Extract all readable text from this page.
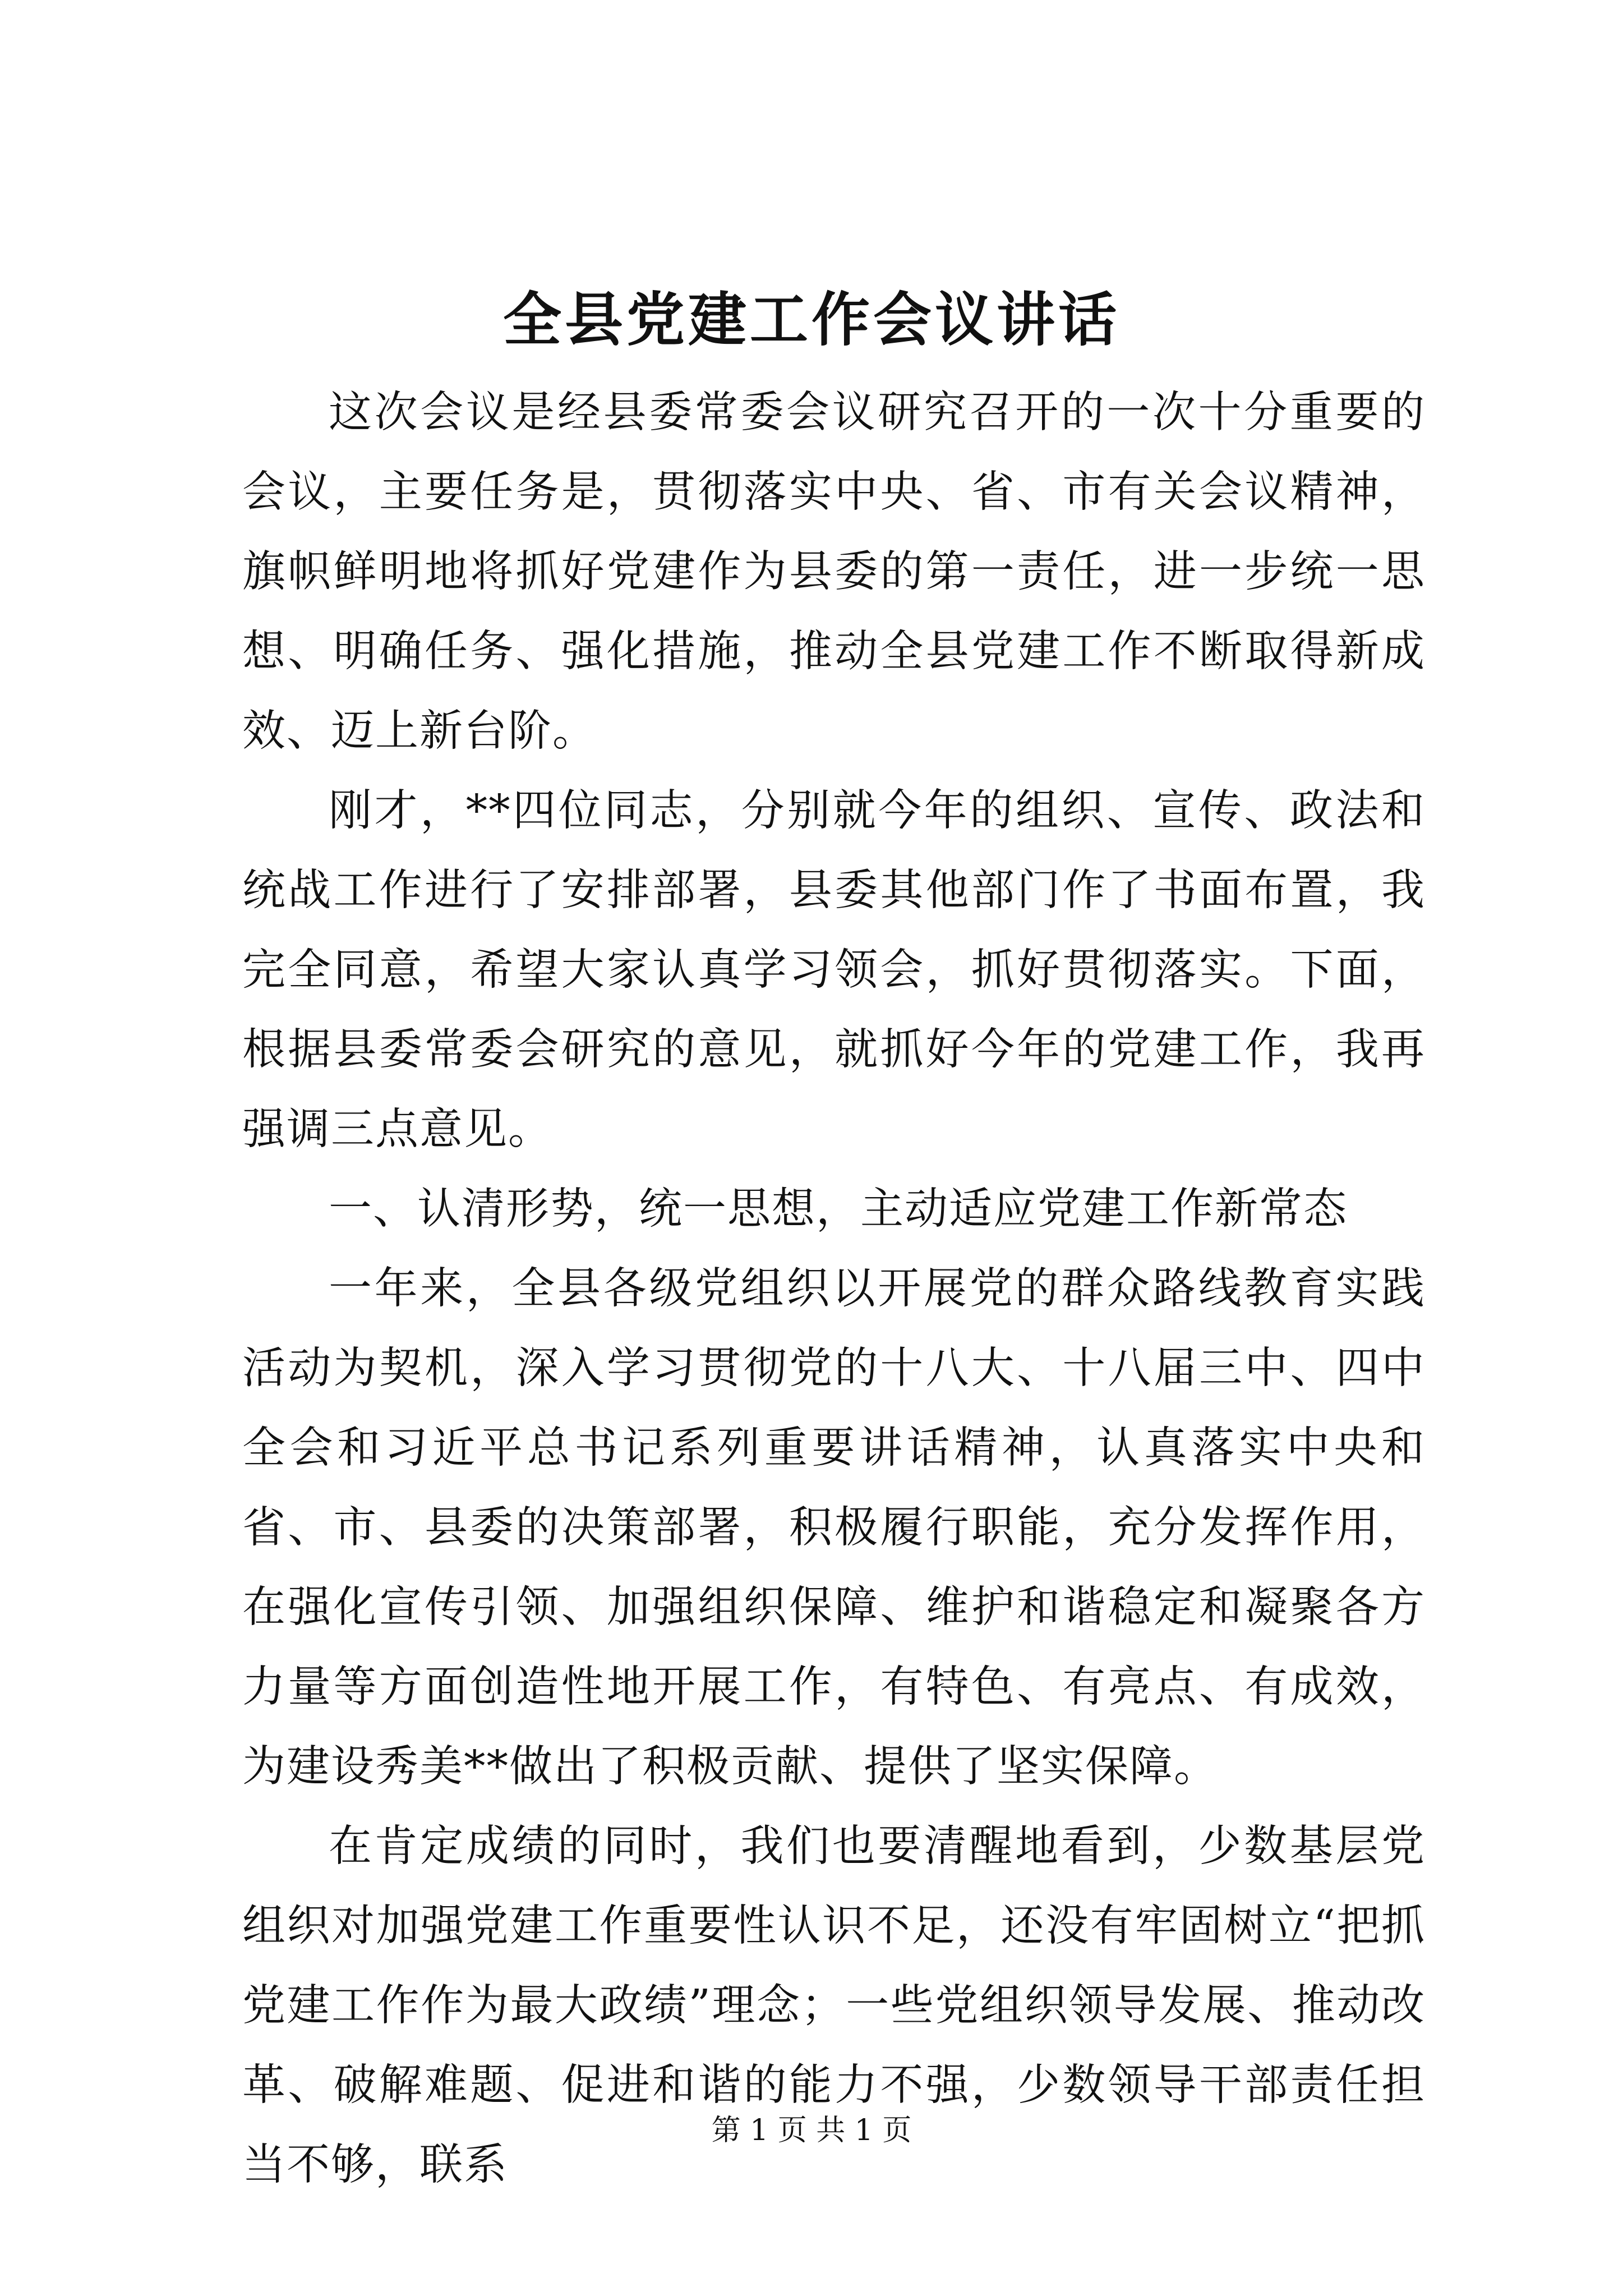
全县党建工作会议讲话

这次会议是经县委常委会议研究召开的一次十分重要的会议，主要任务是，贯彻落实中央、省、市有关会议精神，旗帜鲜明地将抓好党建作为县委的第一责任，进一步统一思想、明确任务、强化措施，推动全县党建工作不断取得新成效、迈上新台阶。

刚才，**四位同志，分别就今年的组织、宣传、政法和统战工作进行了安排部署，县委其他部门作了书面布置，我完全同意，希望大家认真学习领会，抓好贯彻落实。下面，根据县委常委会研究的意见，就抓好今年的党建工作，我再强调三点意见。

一、认清形势，统一思想，主动适应党建工作新常态

一年来，全县各级党组织以开展党的群众路线教育实践活动为契机，深入学习贯彻党的十八大、十八届三中、四中全会和习近平总书记系列重要讲话精神，认真落实中央和省、市、县委的决策部署，积极履行职能，充分发挥作用，在强化宣传引领、加强组织保障、维护和谐稳定和凝聚各方力量等方面创造性地开展工作，有特色、有亮点、有成效，为建设秀美**做出了积极贡献、提供了坚实保障。

在肯定成绩的同时，我们也要清醒地看到，少数基层党组织对加强党建工作重要性认识不足，还没有牢固树立“把抓党建工作作为最大政绩”理念；一些党组织领导发展、推动改革、破解难题、促进和谐的能力不强，少数领导干部责任担当不够，联系

第 1 页 共 1 页
